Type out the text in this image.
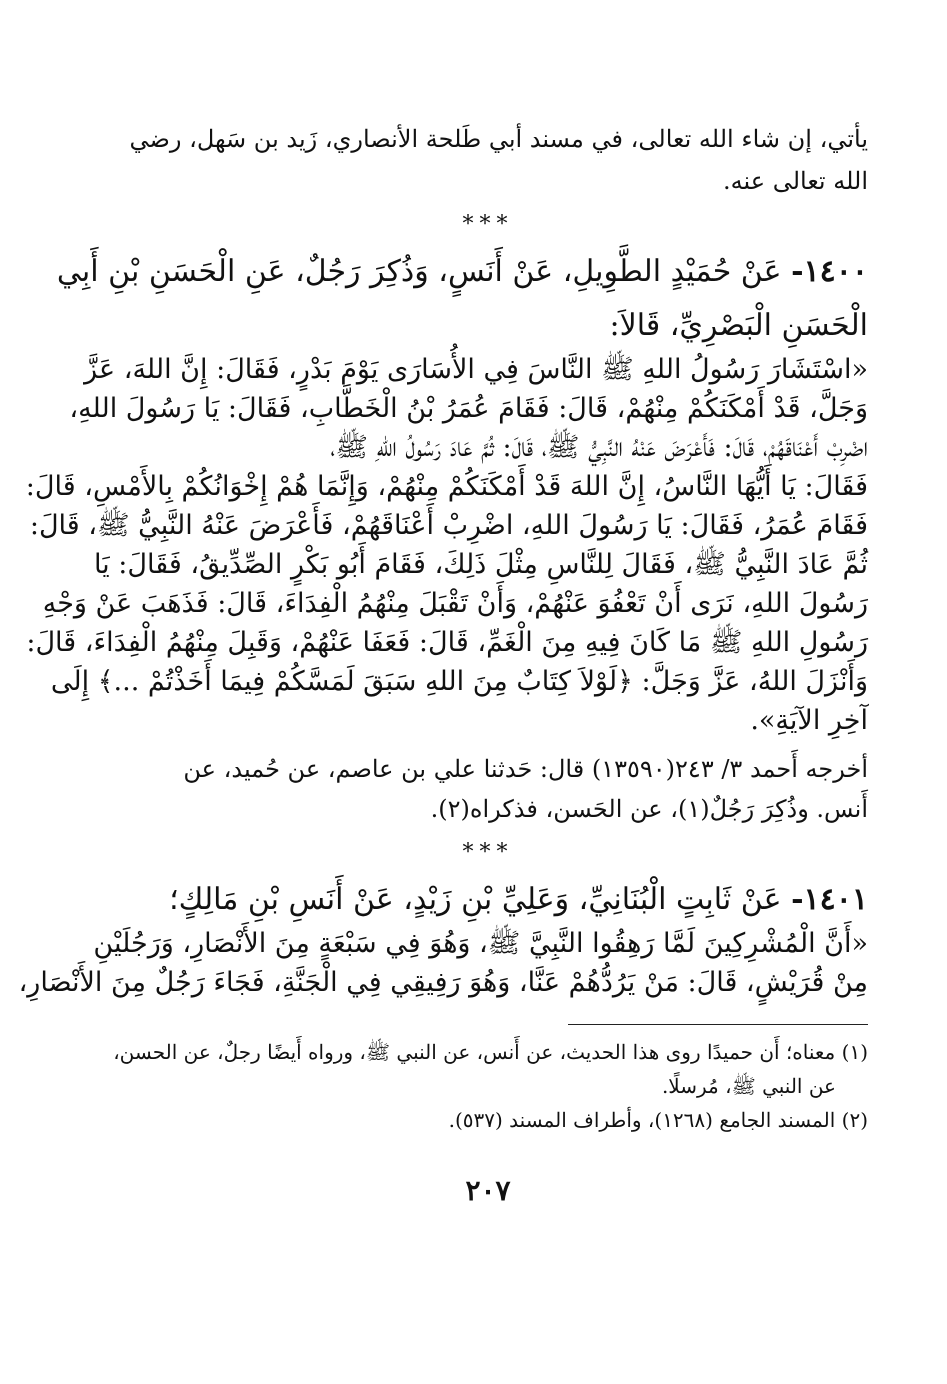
يأتي، إن شاء الله تعالى، في مسند أبي طَلحة الأنصاري، زَيد بن سَهل، رضي
الله تعالى عنه.
***
١٤٠٠- عَنْ حُمَيْدٍ الطَّوِيلِ، عَنْ أَنَسٍ، وَذُكِرَ رَجُلٌ، عَنِ الْحَسَنِ بْنِ أَبِي
الْحَسَنِ الْبَصْرِيِّ، قَالاَ:
«اسْتَشَارَ رَسُولُ اللهِ ﷺ النَّاسَ فِي الأُسَارَى يَوْمَ بَدْرٍ، فَقَالَ: إِنَّ اللهَ، عَزَّ
وَجَلَّ، قَدْ أَمْكَنَكُمْ مِنْهُمْ، قَالَ: فَقَامَ عُمَرُ بْنُ الْخَطَّابِ، فَقَالَ: يَا رَسُولَ اللهِ،
اضْرِبْ أَعْنَاقَهُمْ، قَالَ: فَأَعْرَضَ عَنْهُ النَّبِيُّ ﷺ، قَالَ: ثُمَّ عَادَ رَسُولُ اللهِ ﷺ،
فَقَالَ: يَا أَيُّهَا النَّاسُ، إِنَّ اللهَ قَدْ أَمْكَنَكُمْ مِنْهُمْ، وَإِنَّمَا هُمْ إِخْوَانُكُمْ بِالأَمْسِ، قَالَ:
فَقَامَ عُمَرُ، فَقَالَ: يَا رَسُولَ اللهِ، اضْرِبْ أَعْنَاقَهُمْ، فَأَعْرَضَ عَنْهُ النَّبِيُّ ﷺ، قَالَ:
ثُمَّ عَادَ النَّبِيُّ ﷺ، فَقَالَ لِلنَّاسِ مِثْلَ ذَلِكَ، فَقَامَ أَبُو بَكْرٍ الصِّدِّيقُ، فَقَالَ: يَا
رَسُولَ اللهِ، نَرَى أَنْ تَعْفُوَ عَنْهُمْ، وَأَنْ تَقْبَلَ مِنْهُمُ الْفِدَاءَ، قَالَ: فَذَهَبَ عَنْ وَجْهِ
رَسُولِ اللهِ ﷺ مَا كَانَ فِيهِ مِنَ الْغَمِّ، قَالَ: فَعَفَا عَنْهُمْ، وَقَبِلَ مِنْهُمُ الْفِدَاءَ، قَالَ:
وَأَنْزَلَ اللهُ، عَزَّ وَجَلَّ: ﴿لَوْلاَ كِتَابٌ مِنَ اللهِ سَبَقَ لَمَسَّكُمْ فِيمَا أَخَذْتُمْ ...﴾ إِلَى
آخِرِ الآيَةِ».
أخرجه أَحمد ٣/ ٢٤٣(١٣٥٩٠) قال: حَدثنا علي بن عاصم، عن حُميد، عن
أَنس. وذُكِرَ رَجُلٌ(١)، عن الحَسن، فذكراه(٢).
***
١٤٠١- عَنْ ثَابِتٍ الْبُنَانِيِّ، وَعَلِيِّ بْنِ زَيْدٍ، عَنْ أَنَسِ بْنِ مَالِكٍ؛
«أَنَّ الْمُشْرِكِينَ لَمَّا رَهِقُوا النَّبِيَّ ﷺ، وَهُوَ فِي سَبْعَةٍ مِنَ الأَنْصَارِ، وَرَجُلَيْنِ
مِنْ قُرَيْشٍ، قَالَ: مَنْ يَرُدُّهُمْ عَنَّا، وَهُوَ رَفِيقِي فِي الْجَنَّةِ، فَجَاءَ رَجُلٌ مِنَ الأَنْصَارِ،
(١) معناه؛ أَن حميدًا روى هذا الحديث، عن أَنس، عن النبي ﷺ، ورواه أَيضًا رجلٌ، عن الحسن،
عن النبي ﷺ، مُرسلًا.
(٢) المسند الجامع (١٢٦٨)، وأطراف المسند (٥٣٧).
٢٠٧
